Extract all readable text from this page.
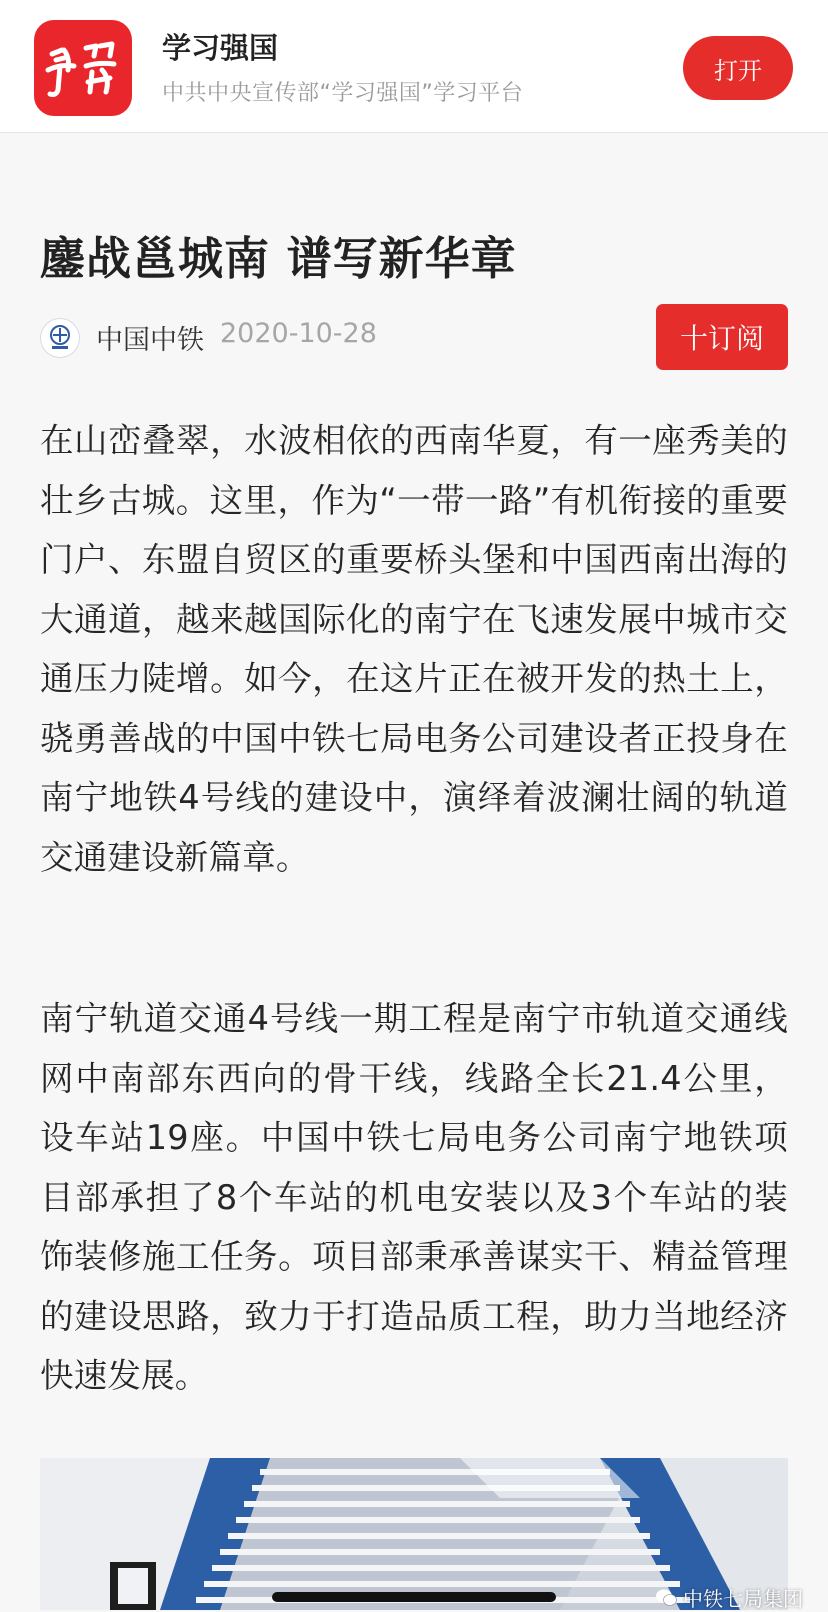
学习强国
中共中央宣传部“学习强国”学习平台
打开
鏖战邕城南 谱写新华章
中国中铁 2020-10-28	十订阅

在山峦叠翠，水波相依的西南华夏，有一座秀美的壮乡古城。这里，作为“一带一路”有机衔接的重要门户、东盟自贸区的重要桥头堡和中国西南出海的大通道，越来越国际化的南宁在飞速发展中城市交通压力陡增。如今，在这片正在被开发的热土上，骁勇善战的中国中铁七局电务公司建设者正投身在南宁地铁4号线的建设中，演绎着波澜壮阔的轨道交通建设新篇章。

南宁轨道交通4号线一期工程是南宁市轨道交通线网中南部东西向的骨干线，线路全长21.4公里，设车站19座。中国中铁七局电务公司南宁地铁项目部承担了8个车站的机电安装以及3个车站的装饰装修施工任务。项目部秉承善谋实干、精益管理的建设思路，致力于打造品质工程，助力当地经济快速发展。

中铁七局集团
